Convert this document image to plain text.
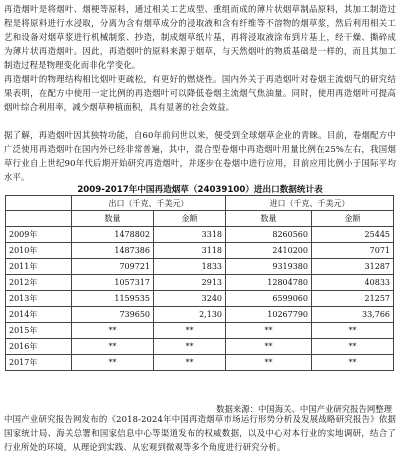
再造烟叶是将烟叶、烟梗等原料，通过相关工艺成型、重组而成的薄片状烟草制品原料，其加工制造过程是将原料进行水浸取，分离为含有烟草成分的浸取液和含有纤维等不溶物的烟草浆，然后利用相关工艺和设备对烟草浆进行机械制浆、抄造，制成烟草纸片基，再将浸取液涂布到片基上，经干燥、撕碎成为薄片状再造烟叶。因此，再造烟叶的原料来源于烟草，与天然烟叶的物质基础是一样的，而且其加工制造过程是物理变化而非化学变化。

再造烟叶的物理结构相比烟叶更疏松，有更好的燃烧性。国内外关于再造烟叶对卷烟主流烟气的研究结果表明，在配方中使用一定比例的再造烟叶可以降低卷烟主流烟气焦油量。同时，使用再造烟叶可提高烟叶综合利用率，减少烟草种植面积，具有显著的社会效益。

据了解，再造烟叶因其独特功能，自60年前问世以来，便受到全球烟草企业的青睐。目前，卷烟配方中广泛使用再造烟叶在国内外已经非常普遍，其中，混合型卷烟中再造烟叶用量比例在25%左右，我国烟草行业自上世纪90年代后期开始研究再造烟叶，并逐步在卷烟中进行应用，目前应用比例小于国际平均水平。

2009-2017年中国再造烟草（24039100）进出口数据统计表
	出口（千克、千美元）		进口（千克、千美元）	
	数量	金额	数量	金额
2009年	1478802	3318	8260560	25445
2010年	1487386	3118	2410200	7071
2011年	709721	1833	9319380	31287
2012年	1057317	2913	12804780	40833
2013年	1159535	3240	6599060	21257
2014年	739650	2,130	10267790	33,766
2015年	**	**	**	**
2016年	**	**	**	**
2017年	**	**	**	**
数据来源：中国海关、中国产业研究报告网整理

中国产业研究报告网发布的《2018-2024年中国再造烟草市场运行形势分析及发展战略研究报告》依据国家统计局、海关总署和国家信息中心等渠道发布的权威数据，以及中心对本行业的实地调研，结合了行业所处的环境，从理论到实践、从宏观到微观等多个角度进行研究分析。
